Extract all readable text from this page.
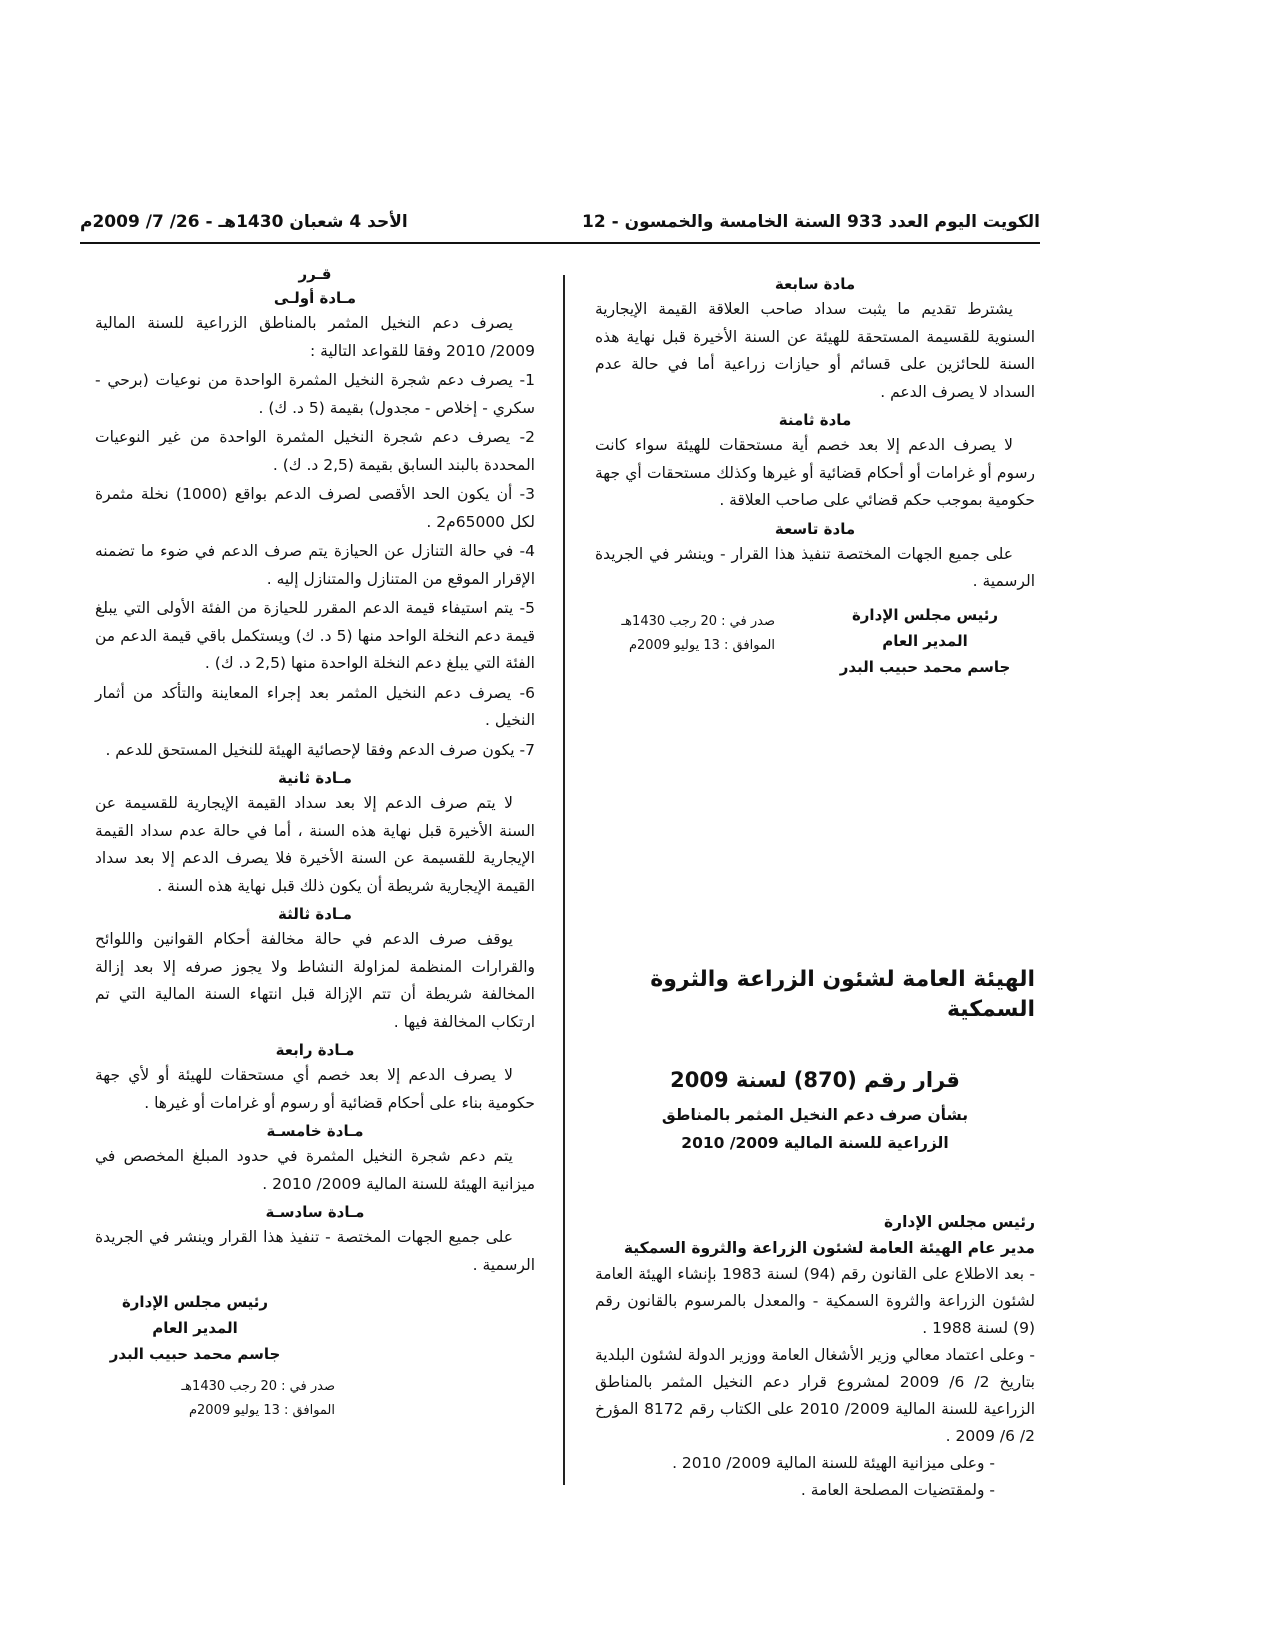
الكويت اليوم العدد 933 السنة الخامسة والخمسون - 12
الأحد 4 شعبان 1430هـ - 26/ 7/ 2009م

مادة سابعة

يشترط تقديم ما يثبت سداد صاحب العلاقة القيمة الإيجارية السنوية للقسيمة المستحقة للهيئة عن السنة الأخيرة قبل نهاية هذه السنة للحائزين على قسائم أو حيازات زراعية أما في حالة عدم السداد لا يصرف الدعم .

مادة ثامنة

لا يصرف الدعم إلا بعد خصم أية مستحقات للهيئة سواء كانت رسوم أو غرامات أو أحكام قضائية أو غيرها وكذلك مستحقات أي جهة حكومية بموجب حكم قضائي على صاحب العلاقة .

مادة تاسعة

على جميع الجهات المختصة تنفيذ هذا القرار - وينشر في الجريدة الرسمية .

رئيس مجلس الإدارة
المدير العام
جاسم محمد حبيب البدر
صدر في : 20 رجب 1430هـ
الموافق : 13 يوليو 2009م

الهيئة العامة لشئون الزراعة والثروة السمكية

قرار رقم (870) لسنة 2009

بشأن صرف دعم النخيل المثمر بالمناطق

الزراعية للسنة المالية 2009/ 2010

رئيس مجلس الإدارة

مدير عام الهيئة العامة لشئون الزراعة والثروة السمكية

- بعد الاطلاع على القانون رقم (94) لسنة 1983 بإنشاء الهيئة العامة لشئون الزراعة والثروة السمكية - والمعدل بالمرسوم بالقانون رقم (9) لسنة 1988 .

- وعلى اعتماد معالي وزير الأشغال العامة ووزير الدولة لشئون البلدية بتاريخ 2/ 6/ 2009 لمشروع قرار دعم النخيل المثمر بالمناطق الزراعية للسنة المالية 2009/ 2010 على الكتاب رقم 8172 المؤرخ 2/ 6/ 2009 .

- وعلى ميزانية الهيئة للسنة المالية 2009/ 2010 .

- ولمقتضيات المصلحة العامة .

قـرر

مـادة أولـى

يصرف دعم النخيل المثمر بالمناطق الزراعية للسنة المالية 2009/ 2010 وفقا للقواعد التالية :

1- يصرف دعم شجرة النخيل المثمرة الواحدة من نوعيات (برحي - سكري - إخلاص - مجدول) بقيمة (5 د. ك) .

2- يصرف دعم شجرة النخيل المثمرة الواحدة من غير النوعيات المحددة بالبند السابق بقيمة (2,5 د. ك) .

3- أن يكون الحد الأقصى لصرف الدعم بواقع (1000) نخلة مثمرة لكل 65000م2 .

4- في حالة التنازل عن الحيازة يتم صرف الدعم في ضوء ما تضمنه الإقرار الموقع من المتنازل والمتنازل إليه .

5- يتم استيفاء قيمة الدعم المقرر للحيازة من الفئة الأولى التي يبلغ قيمة دعم النخلة الواحد منها (5 د. ك) ويستكمل باقي قيمة الدعم من الفئة التي يبلغ دعم النخلة الواحدة منها (2,5 د. ك) .

6- يصرف دعم النخيل المثمر بعد إجراء المعاينة والتأكد من أثمار النخيل .

7- يكون صرف الدعم وفقا لإحصائية الهيئة للنخيل المستحق للدعم .

مـادة ثانية

لا يتم صرف الدعم إلا بعد سداد القيمة الإيجارية للقسيمة عن السنة الأخيرة قبل نهاية هذه السنة ، أما في حالة عدم سداد القيمة الإيجارية للقسيمة عن السنة الأخيرة فلا يصرف الدعم إلا بعد سداد القيمة الإيجارية شريطة أن يكون ذلك قبل نهاية هذه السنة .

مـادة ثالثة

يوقف صرف الدعم في حالة مخالفة أحكام القوانين واللوائح والقرارات المنظمة لمزاولة النشاط ولا يجوز صرفه إلا بعد إزالة المخالفة شريطة أن تتم الإزالة قبل انتهاء السنة المالية التي تم ارتكاب المخالفة فيها .

مـادة رابعة

لا يصرف الدعم إلا بعد خصم أي مستحقات للهيئة أو لأي جهة حكومية بناء على أحكام قضائية أو رسوم أو غرامات أو غيرها .

مـادة خامسـة

يتم دعم شجرة النخيل المثمرة في حدود المبلغ المخصص في ميزانية الهيئة للسنة المالية 2009/ 2010 .

مـادة سادسـة

على جميع الجهات المختصة - تنفيذ هذا القرار وينشر في الجريدة الرسمية .

رئيس مجلس الإدارة
المدير العام
جاسم محمد حبيب البدر
صدر في : 20 رجب 1430هـ
الموافق : 13 يوليو 2009م
